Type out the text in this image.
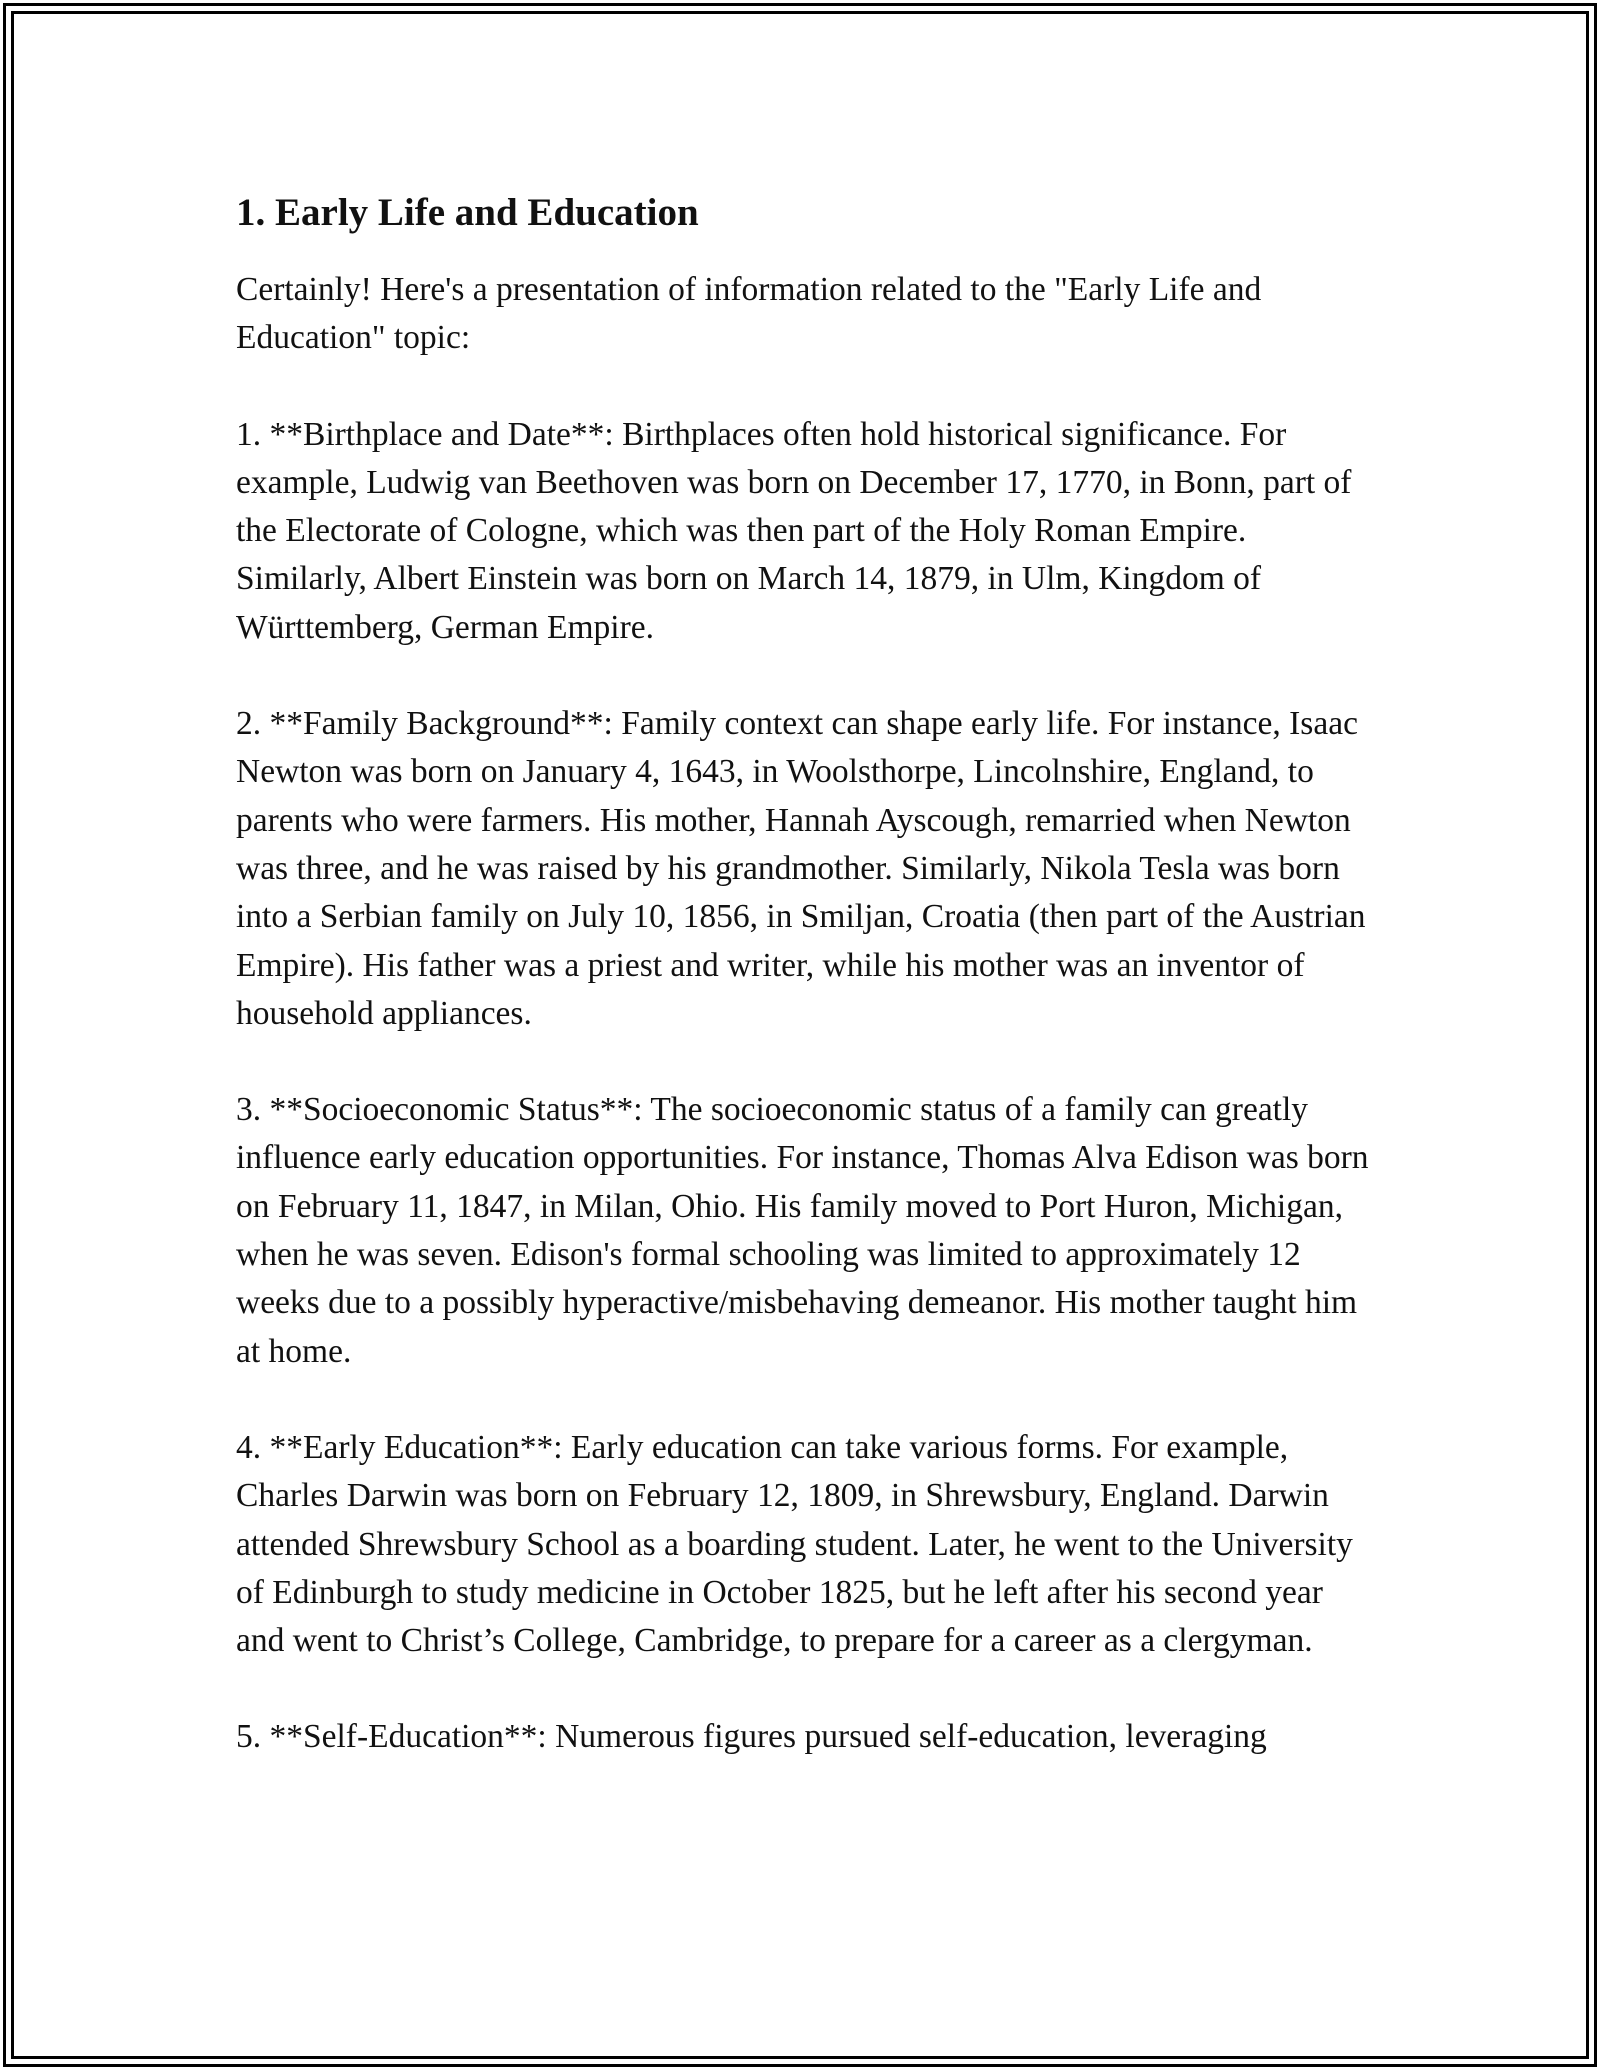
1. Early Life and Education

Certainly! Here's a presentation of information related to the "Early Life and Education" topic:

1. **Birthplace and Date**: Birthplaces often hold historical significance. For example, Ludwig van Beethoven was born on December 17, 1770, in Bonn, part of the Electorate of Cologne, which was then part of the Holy Roman Empire. Similarly, Albert Einstein was born on March 14, 1879, in Ulm, Kingdom of Württemberg, German Empire.

2. **Family Background**: Family context can shape early life. For instance, Isaac Newton was born on January 4, 1643, in Woolsthorpe, Lincolnshire, England, to parents who were farmers. His mother, Hannah Ayscough, remarried when Newton was three, and he was raised by his grandmother. Similarly, Nikola Tesla was born into a Serbian family on July 10, 1856, in Smiljan, Croatia (then part of the Austrian Empire). His father was a priest and writer, while his mother was an inventor of household appliances.

3. **Socioeconomic Status**: The socioeconomic status of a family can greatly influence early education opportunities. For instance, Thomas Alva Edison was born on February 11, 1847, in Milan, Ohio. His family moved to Port Huron, Michigan, when he was seven. Edison's formal schooling was limited to approximately 12 weeks due to a possibly hyperactive/misbehaving demeanor. His mother taught him at home.

4. **Early Education**: Early education can take various forms. For example, Charles Darwin was born on February 12, 1809, in Shrewsbury, England. Darwin attended Shrewsbury School as a boarding student. Later, he went to the University of Edinburgh to study medicine in October 1825, but he left after his second year and went to Christ’s College, Cambridge, to prepare for a career as a clergyman.

5. **Self-Education**: Numerous figures pursued self-education, leveraging
